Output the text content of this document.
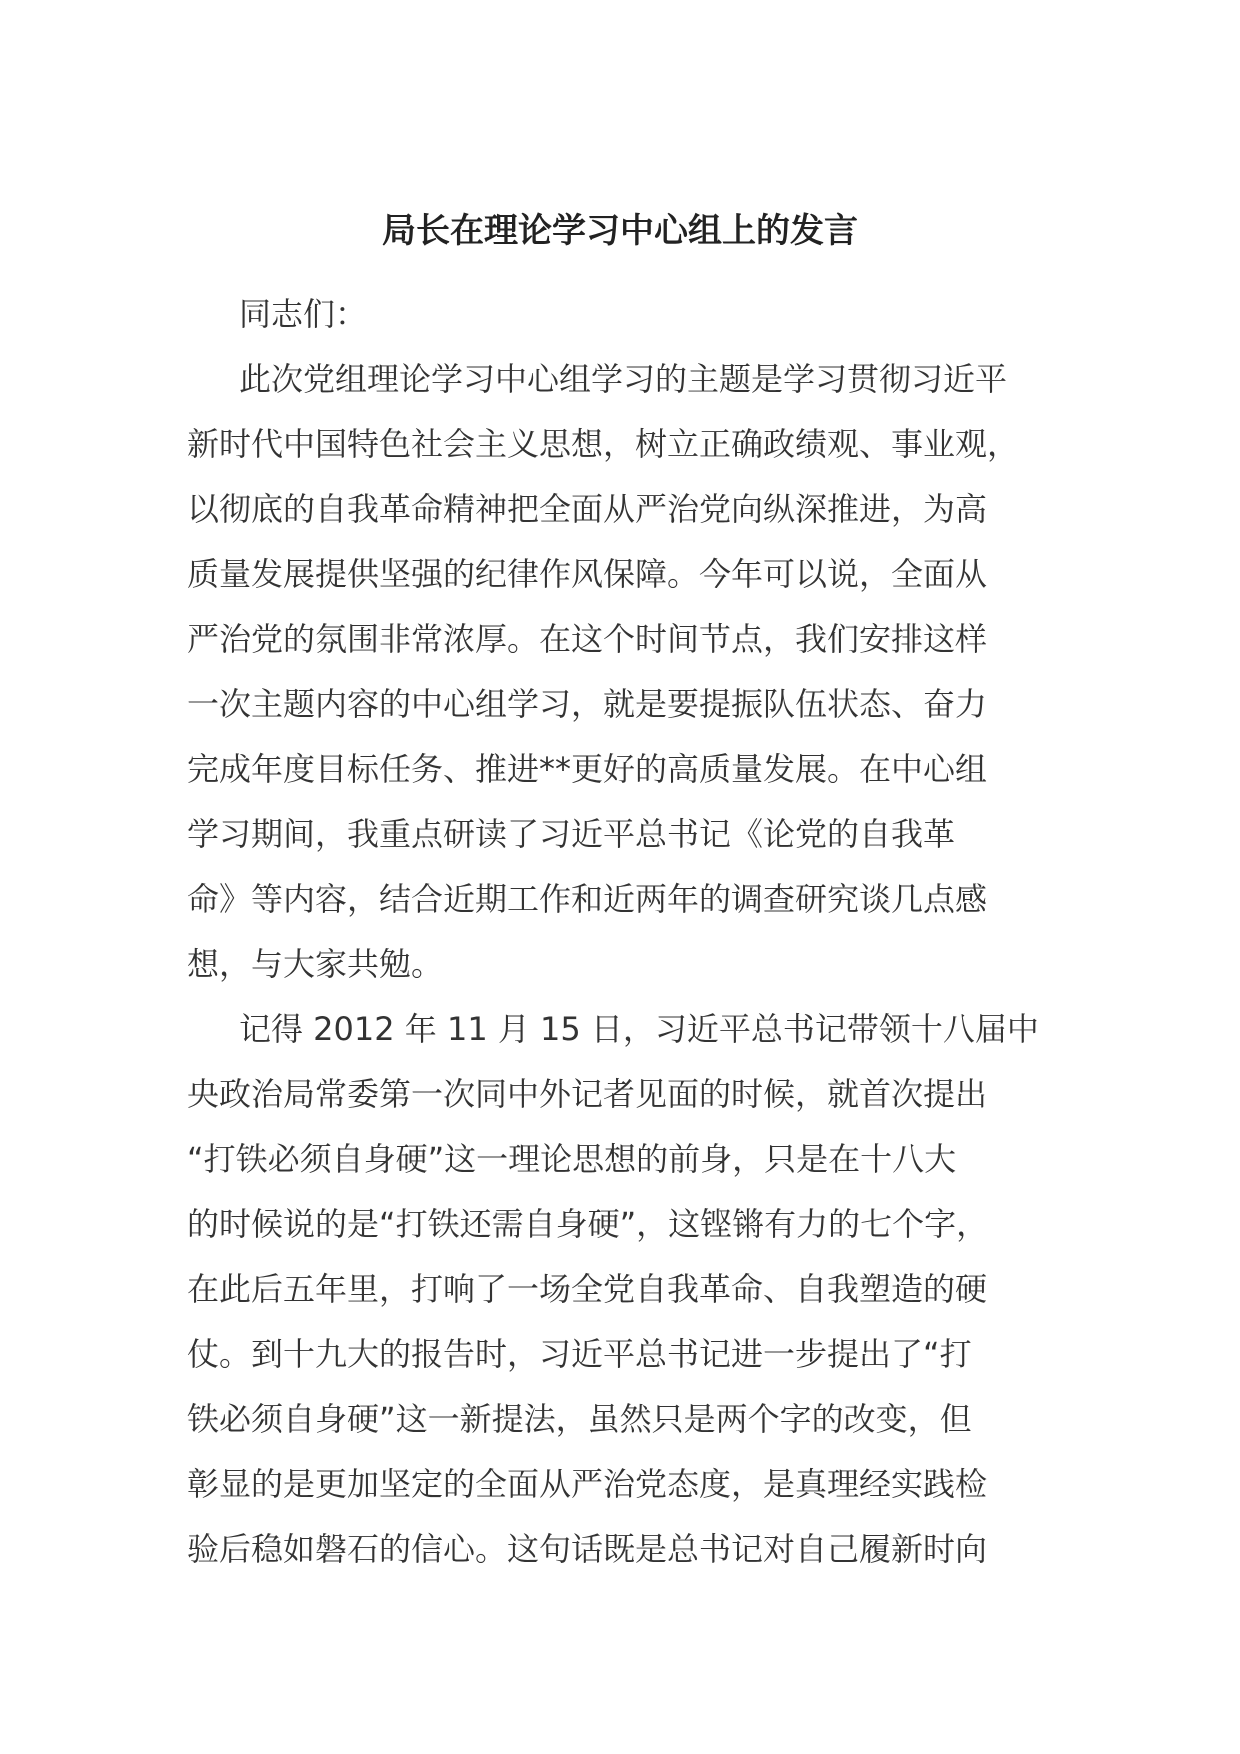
局长在理论学习中心组上的发言
同志们：
此次党组理论学习中心组学习的主题是学习贯彻习近平
新时代中国特色社会主义思想，树立正确政绩观、事业观，
以彻底的自我革命精神把全面从严治党向纵深推进，为高
质量发展提供坚强的纪律作风保障。今年可以说，全面从
严治党的氛围非常浓厚。在这个时间节点，我们安排这样
一次主题内容的中心组学习，就是要提振队伍状态、奋力
完成年度目标任务、推进**更好的高质量发展。在中心组
学习期间，我重点研读了习近平总书记《论党的自我革
命》等内容，结合近期工作和近两年的调查研究谈几点感
想，与大家共勉。
记得 2012 年 11 月 15 日，习近平总书记带领十八届中
央政治局常委第一次同中外记者见面的时候，就首次提出
“打铁必须自身硬”这一理论思想的前身，只是在十八大
的时候说的是“打铁还需自身硬”，这铿锵有力的七个字，
在此后五年里，打响了一场全党自我革命、自我塑造的硬
仗。到十九大的报告时，习近平总书记进一步提出了“打
铁必须自身硬”这一新提法，虽然只是两个字的改变，但
彰显的是更加坚定的全面从严治党态度，是真理经实践检
验后稳如磐石的信心。这句话既是总书记对自己履新时向
